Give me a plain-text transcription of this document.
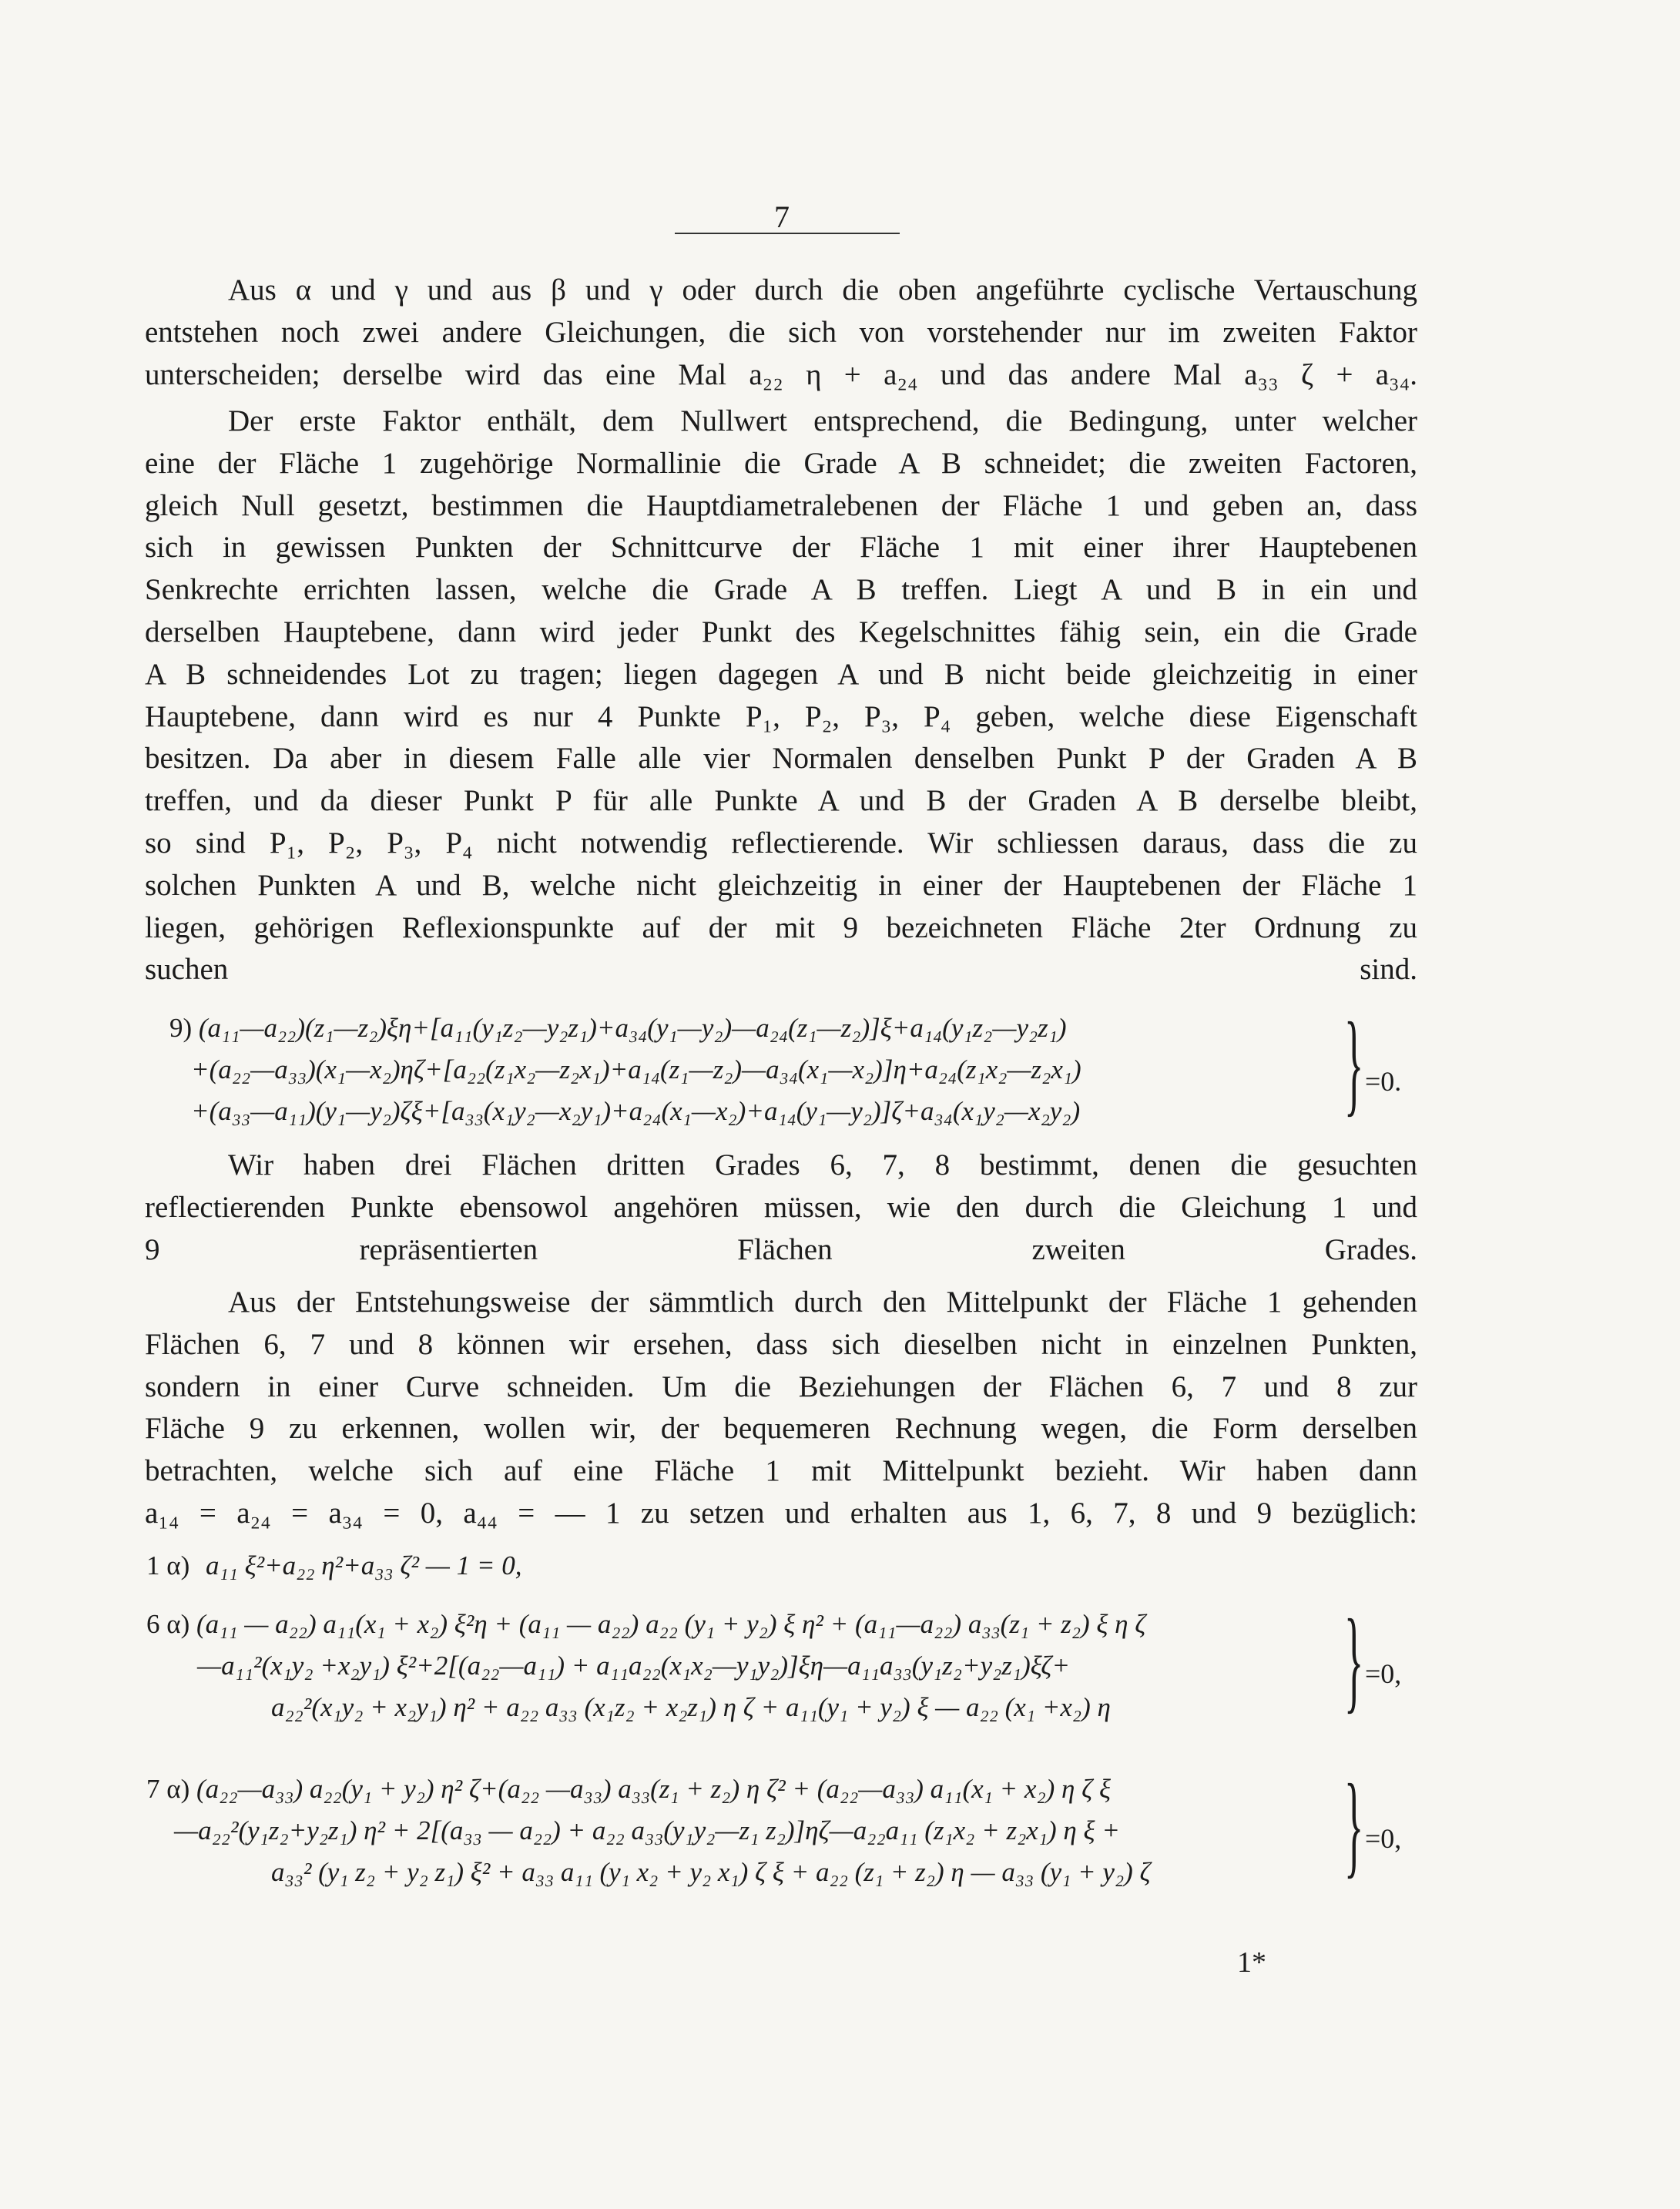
7
Aus α und γ und aus β und γ oder durch die oben angeführte cyclische Vertauschung
entstehen noch zwei andere Gleichungen, die sich von vorstehender nur im zweiten Faktor
unterscheiden; derselbe wird das eine Mal a₂₂ η + a₂₄ und das andere Mal a₃₃ ζ + a₃₄.
Der erste Faktor enthält, dem Nullwert entsprechend, die Bedingung, unter welcher
eine der Fläche 1 zugehörige Normallinie die Grade A B schneidet; die zweiten Factoren,
gleich Null gesetzt, bestimmen die Hauptdiametralebenen der Fläche 1 und geben an, dass
sich in gewissen Punkten der Schnittcurve der Fläche 1 mit einer ihrer Hauptebenen
Senkrechte errichten lassen, welche die Grade A B treffen. Liegt A und B in ein und
derselben Hauptebene, dann wird jeder Punkt des Kegelschnittes fähig sein, ein die Grade
A B schneidendes Lot zu tragen; liegen dagegen A und B nicht beide gleichzeitig in einer
Hauptebene, dann wird es nur 4 Punkte P₁, P₂, P₃, P₄ geben, welche diese Eigenschaft
besitzen. Da aber in diesem Falle alle vier Normalen denselben Punkt P der Graden A B
treffen, und da dieser Punkt P für alle Punkte A und B der Graden A B derselbe bleibt,
so sind P₁, P₂, P₃, P₄ nicht notwendig reflectierende. Wir schliessen daraus, dass die zu
solchen Punkten A und B, welche nicht gleichzeitig in einer der Hauptebenen der Fläche 1
liegen, gehörigen Reflexionspunkte auf der mit 9 bezeichneten Fläche 2ter Ordnung zu
suchen sind.
9) (a₁₁—a₂₂)(z₁—z₂)ξη+[a₁₁(y₁z₂—y₂z₁)+a₃₄(y₁—y₂)—a₂₄(z₁—z₂)]ξ+a₁₄(y₁z₂—y₂z₁)
+(a₂₂—a₃₃)(x₁—x₂)ηζ+[a₂₂(z₁x₂—z₂x₁)+a₁₄(z₁—z₂)—a₃₄(x₁—x₂)]η+a₂₄(z₁x₂—z₂x₁)
+(a₃₃—a₁₁)(y₁—y₂)ζξ+[a₃₃(x₁y₂—x₂y₁)+a₂₄(x₁—x₂)+a₁₄(y₁—y₂)]ζ+a₃₄(x₁y₂—x₂y₂) } =0.
Wir haben drei Flächen dritten Grades 6, 7, 8 bestimmt, denen die gesuchten
reflectierenden Punkte ebensowol angehören müssen, wie den durch die Gleichung 1 und
9 repräsentierten Flächen zweiten Grades.
Aus der Entstehungsweise der sämmtlich durch den Mittelpunkt der Fläche 1 gehenden
Flächen 6, 7 und 8 können wir ersehen, dass sich dieselben nicht in einzelnen Punkten,
sondern in einer Curve schneiden. Um die Beziehungen der Flächen 6, 7 und 8 zur
Fläche 9 zu erkennen, wollen wir, der bequemeren Rechnung wegen, die Form derselben
betrachten, welche sich auf eine Fläche 1 mit Mittelpunkt bezieht. Wir haben dann
a₁₄ = a₂₄ = a₃₄ = 0, a₄₄ = — 1 zu setzen und erhalten aus 1, 6, 7, 8 und 9 bezüglich:
1 α) a₁₁ ξ²+a₂₂ η²+a₃₃ ζ² — 1 = 0,
6 α) (a₁₁ — a₂₂) a₁₁(x₁ + x₂) ξ²η + (a₁₁ — a₂₂) a₂₂ (y₁ + y₂) ξ η² + (a₁₁—a₂₂) a₃₃(z₁ + z₂) ξ η ζ
—a₁₁²(x₁y₂ +x₂y₁) ξ²+2[(a₂₂—a₁₁) + a₁₁a₂₂(x₁x₂—y₁y₂)]ξη—a₁₁a₃₃(y₁z₂+y₂z₁)ξζ+
a₂₂²(x₁y₂ + x₂y₁) η² + a₂₂ a₃₃ (x₁z₂ + x₂z₁) η ζ + a₁₁(y₁ + y₂) ξ — a₂₂ (x₁ +x₂) η	} =0,
7 α) (a₂₂—a₃₃) a₂₂(y₁ + y₂) η² ζ+(a₂₂ —a₃₃) a₃₃(z₁ + z₂) η ζ² + (a₂₂—a₃₃) a₁₁(x₁ + x₂) η ζ ξ
—a₂₂²(y₁z₂+y₂z₁) η² + 2[(a₃₃ — a₂₂) + a₂₂ a₃₃(y₁y₂—z₁ z₂)]ηζ—a₂₂a₁₁ (z₁x₂ + z₂x₁) η ξ +
a₃₃² (y₁ z₂ + y₂ z₁) ξ² + a₃₃ a₁₁ (y₁ x₂ + y₂ x₁) ζ ξ + a₂₂ (z₁ + z₂) η — a₃₃ (y₁ + y₂) ζ } =0,
1*
